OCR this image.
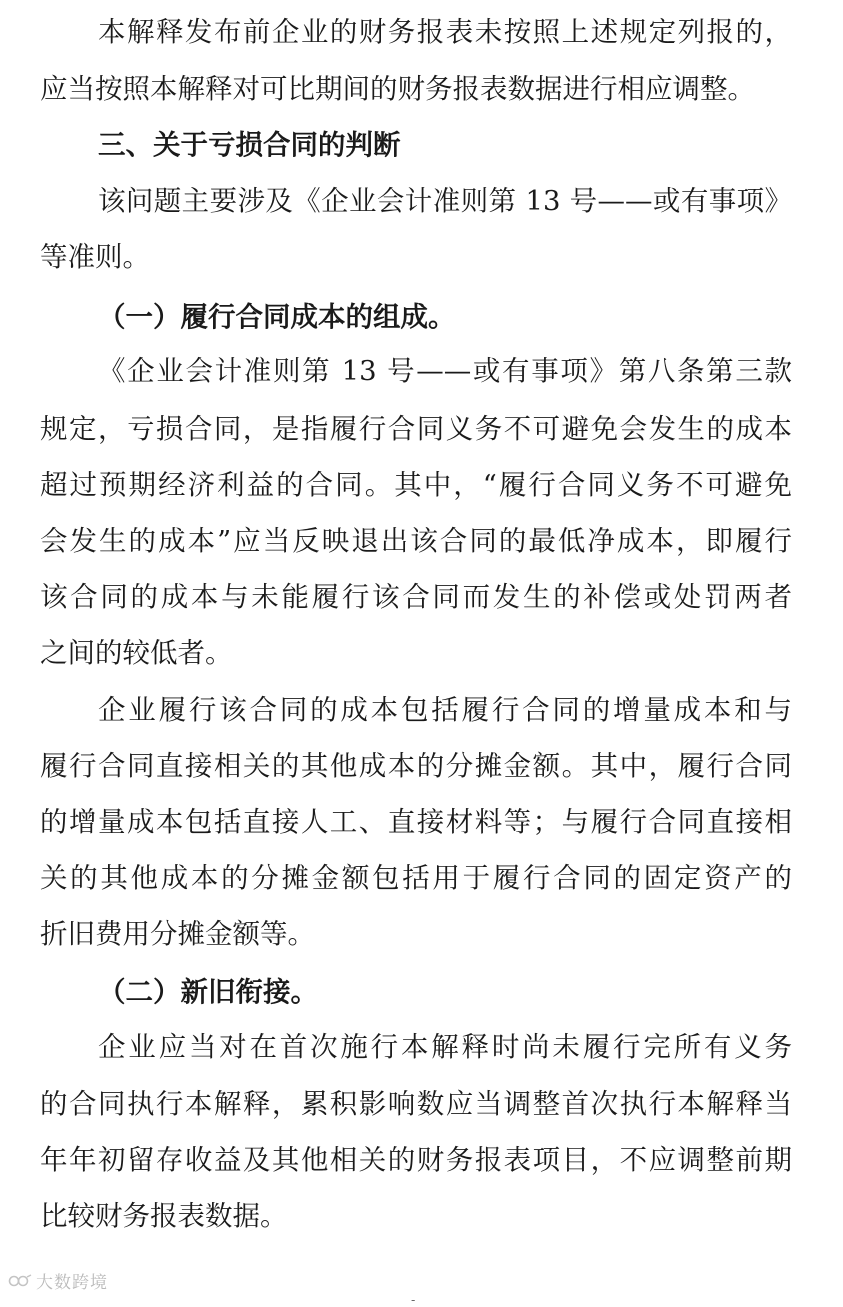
本解释发布前企业的财务报表未按照上述规定列报的，
应当按照本解释对可比期间的财务报表数据进行相应调整。
三、关于亏损合同的判断
该问题主要涉及《企业会计准则第 13 号——或有事项》
等准则。
（一）履行合同成本的组成。
《企业会计准则第 13 号——或有事项》第八条第三款
规定，亏损合同，是指履行合同义务不可避免会发生的成本
超过预期经济利益的合同。其中，“履行合同义务不可避免
会发生的成本”应当反映退出该合同的最低净成本，即履行
该合同的成本与未能履行该合同而发生的补偿或处罚两者
之间的较低者。
企业履行该合同的成本包括履行合同的增量成本和与
履行合同直接相关的其他成本的分摊金额。其中，履行合同
的增量成本包括直接人工、直接材料等；与履行合同直接相
关的其他成本的分摊金额包括用于履行合同的固定资产的
折旧费用分摊金额等。
（二）新旧衔接。
企业应当对在首次施行本解释时尚未履行完所有义务
的合同执行本解释，累积影响数应当调整首次执行本解释当
年年初留存收益及其他相关的财务报表项目，不应调整前期
比较财务报表数据。
大数跨境
-
